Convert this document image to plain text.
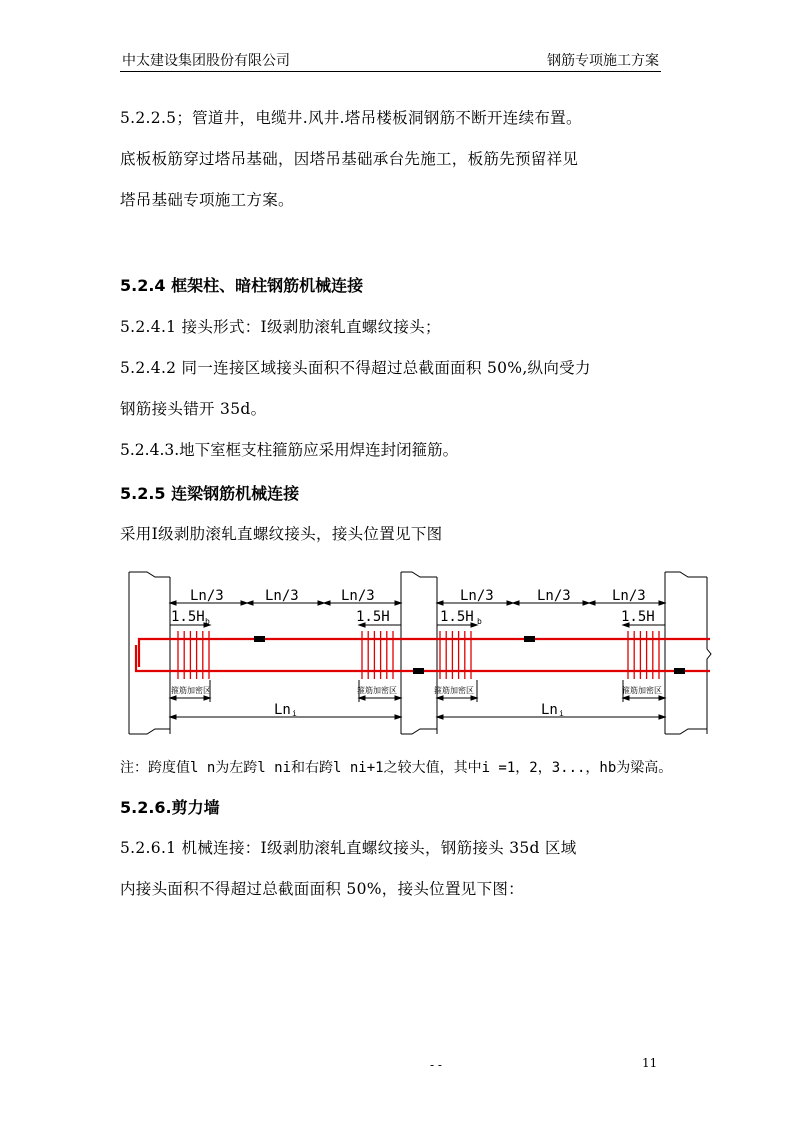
中太建设集团股份有限公司	钢筋专项施工方案
5.2.2.5；管道井，电缆井.风井.塔吊楼板洞钢筋不断开连续布置。
底板板筋穿过塔吊基础，因塔吊基础承台先施工，板筋先预留祥见
塔吊基础专项施工方案。
5.2.4 框架柱、暗柱钢筋机械连接
5.2.4.1 接头形式：Ⅰ级剥肋滚轧直螺纹接头；
5.2.4.2 同一连接区域接头面积不得超过总截面面积 50%,纵向受力
钢筋接头错开 35d。
5.2.4.3.地下室框支柱箍筋应采用焊连封闭箍筋。
5.2.5 连梁钢筋机械连接
采用Ⅰ级剥肋滚轧直螺纹接头，接头位置见下图
Ln/3	Ln/3	Ln/3	Ln/3	Ln/3	Ln/3
1.5H	1.5H	1.5H	1.5H
b	b
箍筋加密区	箍筋加密区	箍筋加密区	箍筋加密区
Ln	Ln
i	i
注：跨度值l n为左跨l ni和右跨l ni+1之较大值，其中i =1，2，3...，hb为梁高。
5.2.6.剪力墙
5.2.6.1 机械连接：Ⅰ级剥肋滚轧直螺纹接头，钢筋接头 35d 区域
内接头面积不得超过总截面面积 50%，接头位置见下图：
- -	11
